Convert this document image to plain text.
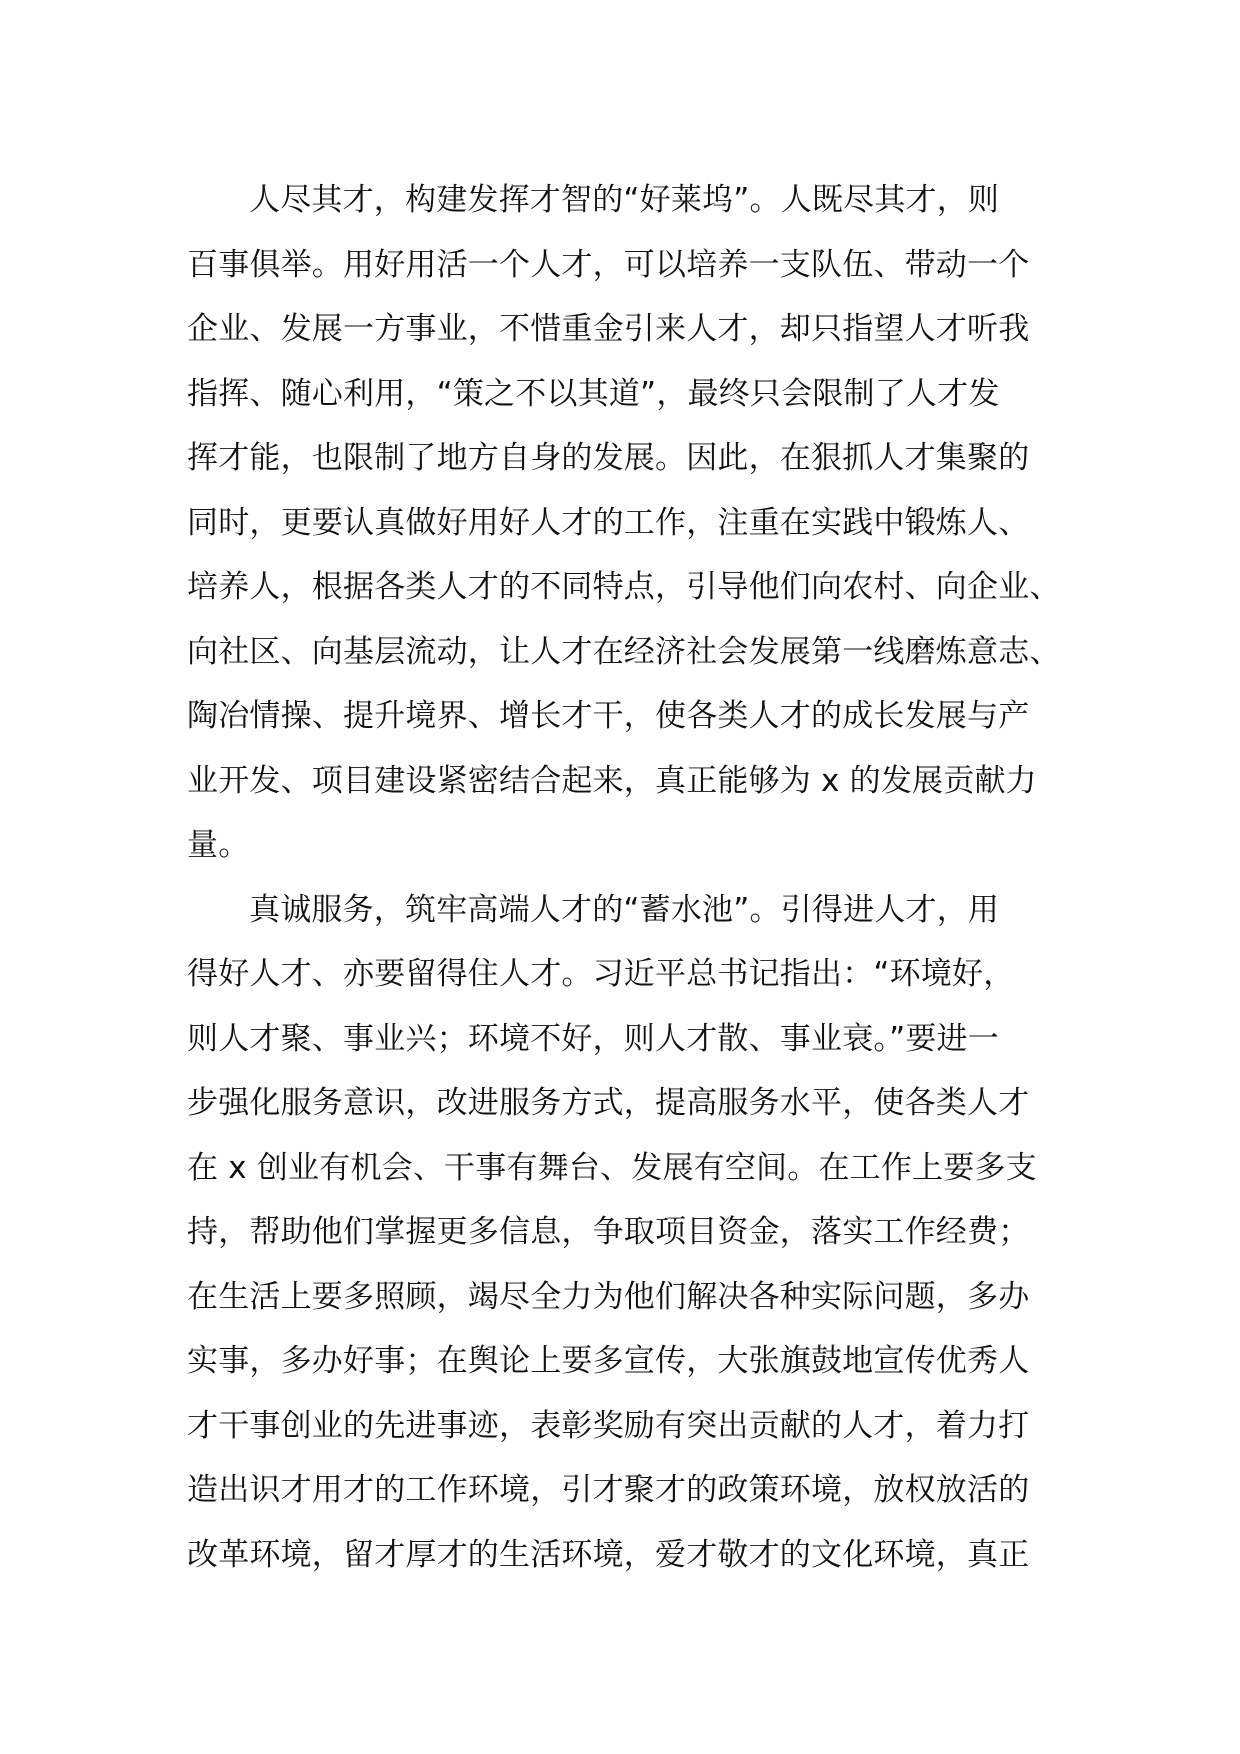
人尽其才，构建发挥才智的“好莱坞”。人既尽其才，则
百事俱举。用好用活一个人才，可以培养一支队伍、带动一个
企业、发展一方事业，不惜重金引来人才，却只指望人才听我
指挥、随心利用，“策之不以其道”，最终只会限制了人才发
挥才能，也限制了地方自身的发展。因此，在狠抓人才集聚的
同时，更要认真做好用好人才的工作，注重在实践中锻炼人、
培养人，根据各类人才的不同特点，引导他们向农村、向企业、
向社区、向基层流动，让人才在经济社会发展第一线磨炼意志、
陶冶情操、提升境界、增长才干，使各类人才的成长发展与产
业开发、项目建设紧密结合起来，真正能够为 x 的发展贡献力
量。
真诚服务，筑牢高端人才的“蓄水池”。引得进人才，用
得好人才、亦要留得住人才。习近平总书记指出：“环境好，
则人才聚、事业兴；环境不好，则人才散、事业衰。”要进一
步强化服务意识，改进服务方式，提高服务水平，使各类人才
在 x 创业有机会、干事有舞台、发展有空间。在工作上要多支
持，帮助他们掌握更多信息，争取项目资金，落实工作经费；
在生活上要多照顾，竭尽全力为他们解决各种实际问题，多办
实事，多办好事；在舆论上要多宣传，大张旗鼓地宣传优秀人
才干事创业的先进事迹，表彰奖励有突出贡献的人才，着力打
造出识才用才的工作环境，引才聚才的政策环境，放权放活的
改革环境，留才厚才的生活环境，爱才敬才的文化环境，真正
